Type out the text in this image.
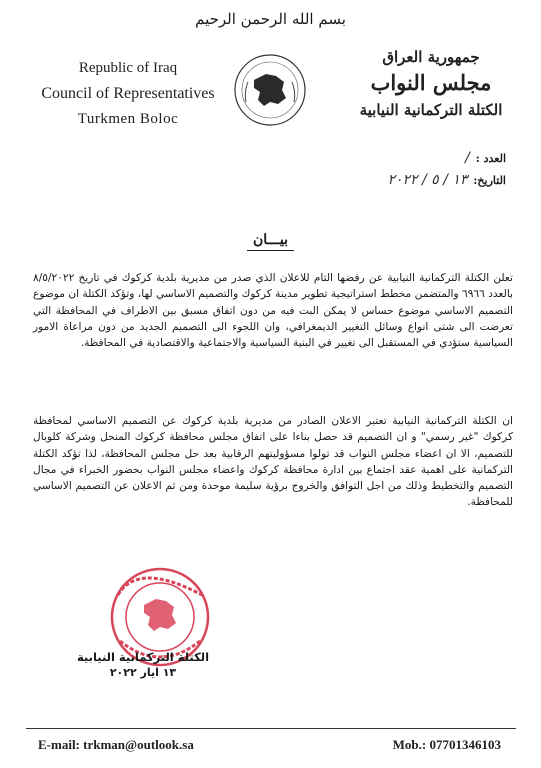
بسم الله الرحمن الرحيم
Republic of Iraq
Council of Representatives
Turkmen Boloc
جمهورية العراق
مجلس النواب
الكتلة التركمانية النيابية
العدد :
/
التاريخ:
١٣ / ٥ / ٢٠٢٢
بيـــان
تعلن الكتلة التركمانية النيابية عن رفضها التام للاعلان الذي صدر من مديرية بلدية كركوك في تاريخ ٨/٥/٢٠٢٢ بالعدد ٦٩٦٦ والمتضمن مخطط استراتيجية تطوير مدينة كركوك والتصميم الاساسي لها، وتؤكد الكتلة ان موضوع التصميم الاساسي موضوع حساس لا يمكن البت فيه من دون اتفاق مسبق بين الاطراف في المحافظة التي تعرضت الى شتى انواع وسائل التغيير الديمغرافي، وان اللجوء الى التصميم الجديد من دون مراعاة الامور السياسية ستؤدي في المستقبل الى تغيير في البنية السياسية والاجتماعية والاقتصادية في المحافظة.
ان الكتلة التركمانية النيابية تعتبر الاعلان الصادر من مديرية بلدية كركوك عن التصميم الاساسي لمحافظة كركوك "غير رسمي" و ان التصميم قد حصل بناءا على اتفاق مجلس محافظة كركوك المنحل وشركة كلوبال للتصميم، الا ان اعضاء مجلس النواب قد تولوا مسؤوليتهم الرقابية بعد حل مجلس المحافظة، لذا تؤكد الكتلة التركمانية على اهمية عقد اجتماع بين ادارة محافظة كركوك واعضاء مجلس النواب بحضور الخبراء في مجال التصميم والتخطيط وذلك من اجل التوافق والخروج برؤية سليمة موحدة ومن ثم الاعلان عن التصميم الاساسي للمحافظة.
الكتلة التركمانية النيابية
١٣ ايار ٢٠٢٢
E-mail: trkman@outlook.sa	Mob.: 07701346103
